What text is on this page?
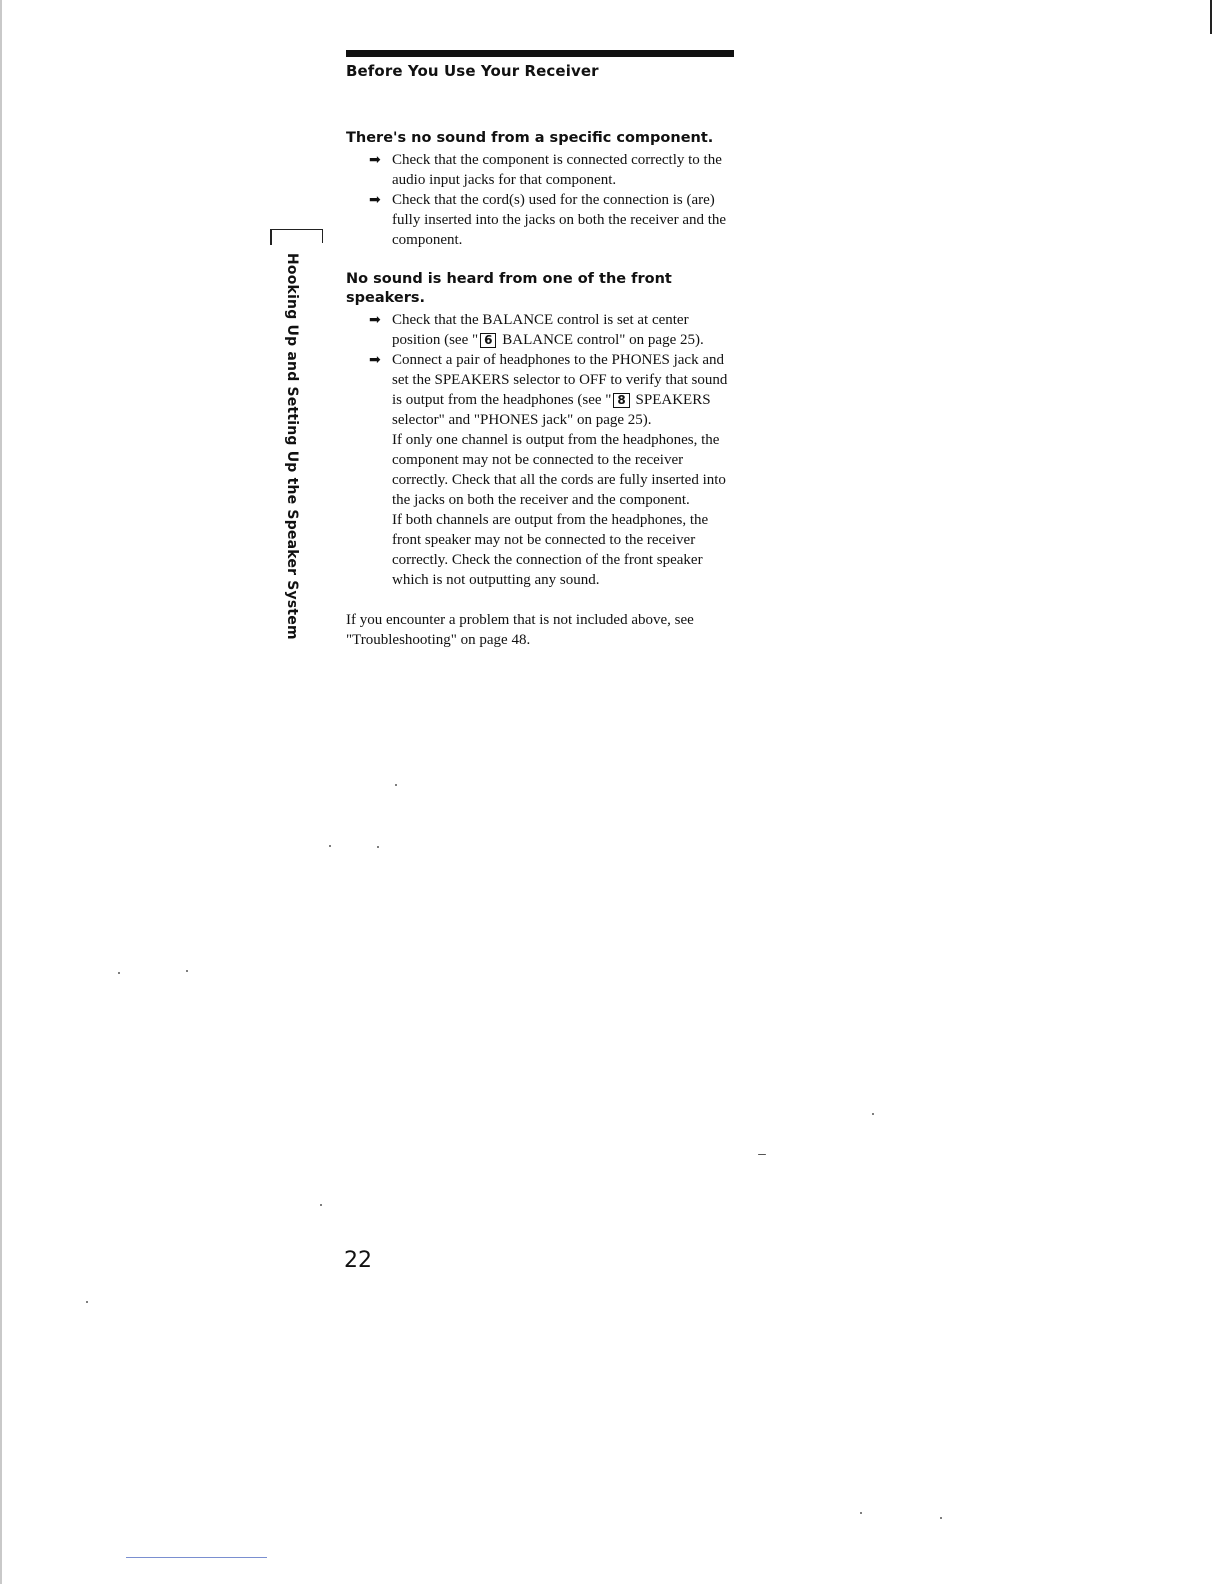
Before You Use Your Receiver
Hooking Up and Setting Up the Speaker System

There's no sound from a specific component.

➡ Check that the component is connected correctly to the audio input jacks for that component.
➡ Check that the cord(s) used for the connection is (are) fully inserted into the jacks on both the receiver and the component.

No sound is heard from one of the front speakers.

➡ Check that the BALANCE control is set at center position (see " 6 BALANCE control" on page 25).
➡ Connect a pair of headphones to the PHONES jack and set the SPEAKERS selector to OFF to verify that sound is output from the headphones (see " 8 SPEAKERS selector" and "PHONES jack" on page 25).

If only one channel is output from the headphones, the component may not be connected to the receiver correctly. Check that all the cords are fully inserted into the jacks on both the receiver and the component.

If both channels are output from the headphones, the front speaker may not be connected to the receiver correctly. Check the connection of the front speaker which is not outputting any sound.

If you encounter a problem that is not included above, see "Troubleshooting" on page 48.

22
